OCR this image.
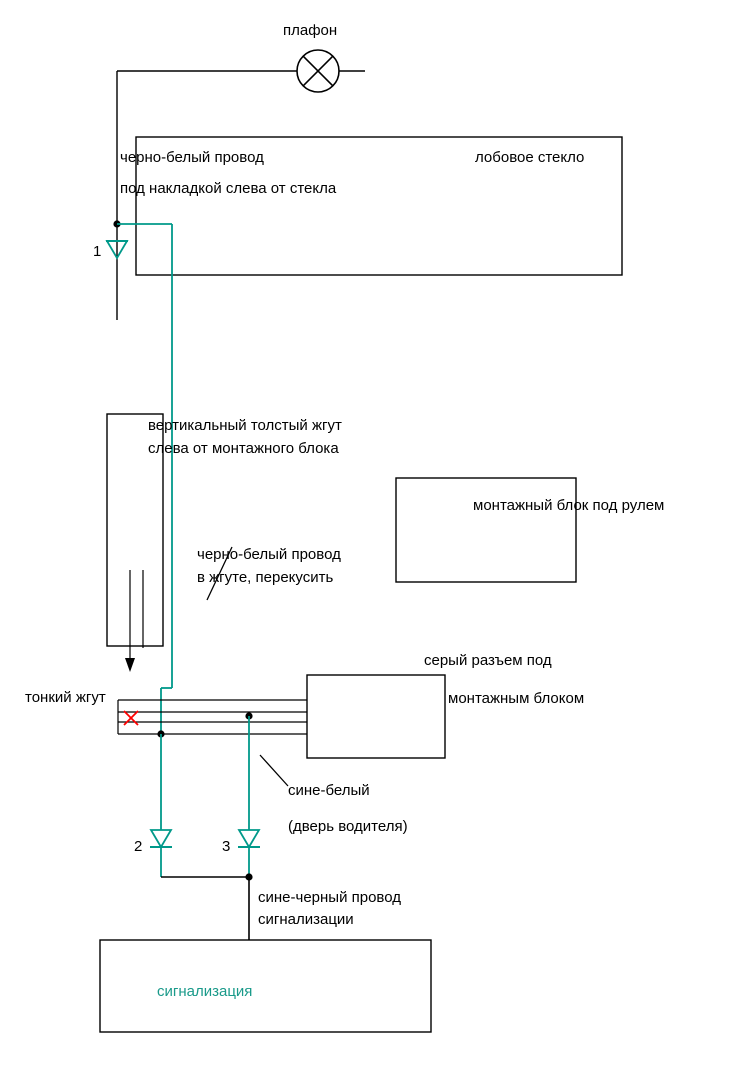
плафон
черно-белый провод
под накладкой слева от стекла
лобовое стекло
1
вертикальный толстый жгут
слева от монтажного блока
монтажный блок под рулем
черно-белый провод
в жгуте, перекусить
тонкий жгут
серый разъем под
монтажным блоком
сине-белый
(дверь водителя)
2	3
сине-черный провод
сигнализации
сигнализация
